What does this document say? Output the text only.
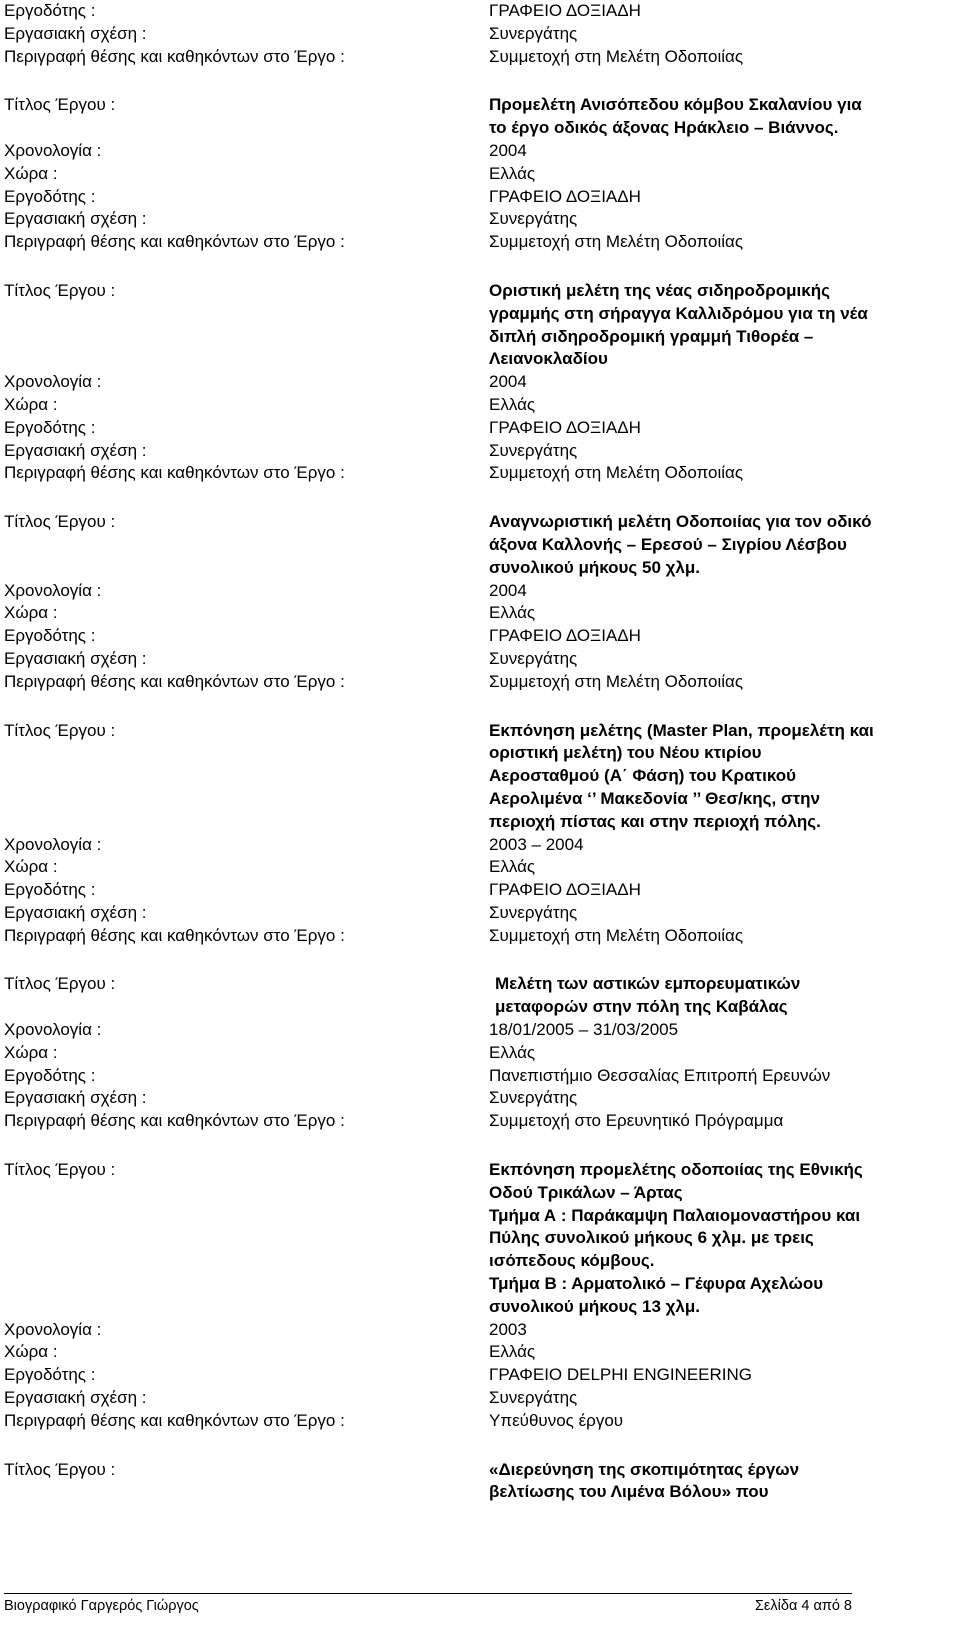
Εργοδότης :	ΓΡΑΦΕΙΟ ΔΟΞΙΑΔΗ
Εργασιακή σχέση :	Συνεργάτης
Περιγραφή θέσης και καθηκόντων στο Έργο :	Συμμετοχή στη Μελέτη Οδοποιίας
Τίτλος Έργου :	Προμελέτη Ανισόπεδου κόμβου Σκαλανίου για
το έργο οδικός άξονας Ηράκλειο – Βιάννος.
Χρονολογία :	2004
Χώρα :	Ελλάς
Εργοδότης :	ΓΡΑΦΕΙΟ ΔΟΞΙΑΔΗ
Εργασιακή σχέση :	Συνεργάτης
Περιγραφή θέσης και καθηκόντων στο Έργο :	Συμμετοχή στη Μελέτη Οδοποιίας
Τίτλος Έργου :	Οριστική μελέτη της νέας σιδηροδρομικής
γραμμής στη σήραγγα Καλλιδρόμου για τη νέα
διπλή σιδηροδρομική γραμμή Τιθορέα –
Λειανοκλαδίου
Χρονολογία :	2004
Χώρα :	Ελλάς
Εργοδότης :	ΓΡΑΦΕΙΟ ΔΟΞΙΑΔΗ
Εργασιακή σχέση :	Συνεργάτης
Περιγραφή θέσης και καθηκόντων στο Έργο :	Συμμετοχή στη Μελέτη Οδοποιίας
Τίτλος Έργου :	Αναγνωριστική μελέτη Οδοποιίας για τον οδικό
άξονα Καλλονής – Ερεσού – Σιγρίου Λέσβου
συνολικού μήκους 50 χλμ.
Χρονολογία :	2004
Χώρα :	Ελλάς
Εργοδότης :	ΓΡΑΦΕΙΟ ΔΟΞΙΑΔΗ
Εργασιακή σχέση :	Συνεργάτης
Περιγραφή θέσης και καθηκόντων στο Έργο :	Συμμετοχή στη Μελέτη Οδοποιίας
Τίτλος Έργου :	Εκπόνηση μελέτης (Master Plan, προμελέτη και
οριστική μελέτη) του Νέου κτιρίου
Αεροσταθμού (Α΄ Φάση) του Κρατικού
Αερολιμένα ‘’ Μακεδονία ’’ Θεσ/κης, στην
περιοχή πίστας και στην περιοχή πόλης.
Χρονολογία :	2003 – 2004
Χώρα :	Ελλάς
Εργοδότης :	ΓΡΑΦΕΙΟ ΔΟΞΙΑΔΗ
Εργασιακή σχέση :	Συνεργάτης
Περιγραφή θέσης και καθηκόντων στο Έργο :	Συμμετοχή στη Μελέτη Οδοποιίας
Τίτλος Έργου :	Μελέτη των αστικών εμπορευματικών
μεταφορών στην πόλη της Καβάλας
Χρονολογία :	18/01/2005 – 31/03/2005
Χώρα :	Ελλάς
Εργοδότης :	Πανεπιστήμιο Θεσσαλίας Επιτροπή Ερευνών
Εργασιακή σχέση :	Συνεργάτης
Περιγραφή θέσης και καθηκόντων στο Έργο :	Συμμετοχή στο Ερευνητικό Πρόγραμμα
Τίτλος Έργου :	Εκπόνηση προμελέτης οδοποιίας της Εθνικής
Οδού Τρικάλων – Άρτας
Τμήμα Α : Παράκαμψη Παλαιομοναστήρου και
Πύλης συνολικού μήκους 6 χλμ. με τρεις
ισόπεδους κόμβους.
Τμήμα Β : Αρματολικό – Γέφυρα Αχελώου
συνολικού μήκους 13 χλμ.
Χρονολογία :	2003
Χώρα :	Ελλάς
Εργοδότης :	ΓΡΑΦΕΙΟ DELPHI ENGINEERING
Εργασιακή σχέση :	Συνεργάτης
Περιγραφή θέσης και καθηκόντων στο Έργο :	Υπεύθυνος έργου
Τίτλος Έργου :	«Διερεύνηση της σκοπιμότητας έργων
βελτίωσης του Λιμένα Βόλου» που
Βιογραφικό Γαργερός Γιώργος	Σελίδα 4 από 8
